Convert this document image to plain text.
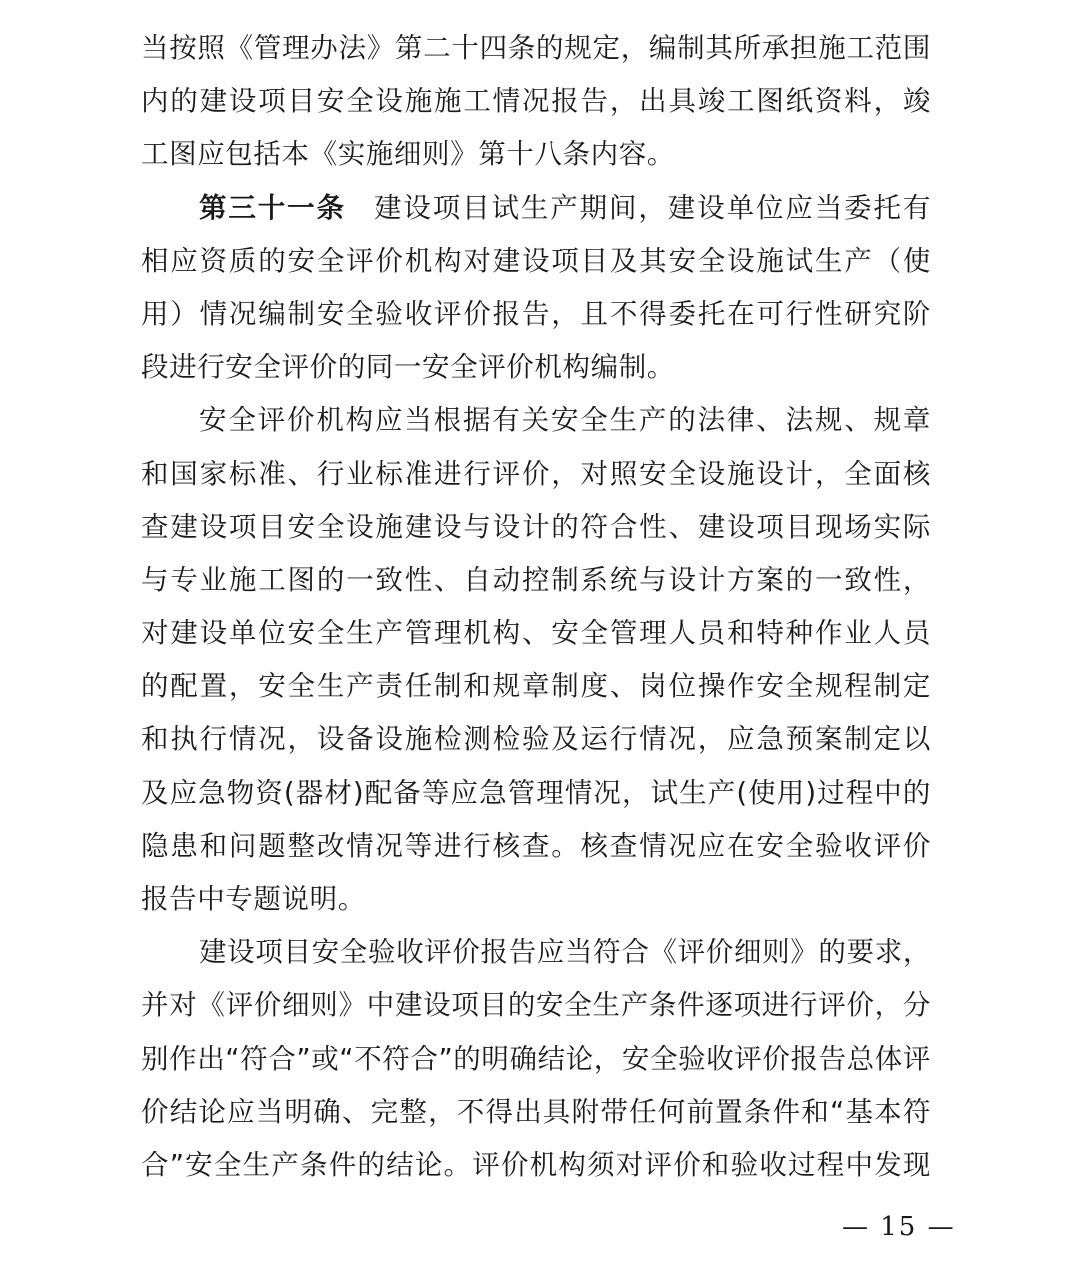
当按照《管理办法》第二十四条的规定，编制其所承担施工范围
内的建设项目安全设施施工情况报告，出具竣工图纸资料，竣
工图应包括本《实施细则》第十八条内容。
第三十一条 建设项目试生产期间，建设单位应当委托有
相应资质的安全评价机构对建设项目及其安全设施试生产（使
用）情况编制安全验收评价报告，且不得委托在可行性研究阶
段进行安全评价的同一安全评价机构编制。
安全评价机构应当根据有关安全生产的法律、法规、规章
和国家标准、行业标准进行评价，对照安全设施设计，全面核
查建设项目安全设施建设与设计的符合性、建设项目现场实际
与专业施工图的一致性、自动控制系统与设计方案的一致性，
对建设单位安全生产管理机构、安全管理人员和特种作业人员
的配置，安全生产责任制和规章制度、岗位操作安全规程制定
和执行情况，设备设施检测检验及运行情况，应急预案制定以
及应急物资(器材)配备等应急管理情况，试生产(使用)过程中的
隐患和问题整改情况等进行核查。核查情况应在安全验收评价
报告中专题说明。
建设项目安全验收评价报告应当符合《评价细则》的要求，
并对《评价细则》中建设项目的安全生产条件逐项进行评价，分
别作出“符合”或“不符合”的明确结论，安全验收评价报告总体评
价结论应当明确、完整，不得出具附带任何前置条件和“基本符
合”安全生产条件的结论。评价机构须对评价和验收过程中发现
— 15 —
